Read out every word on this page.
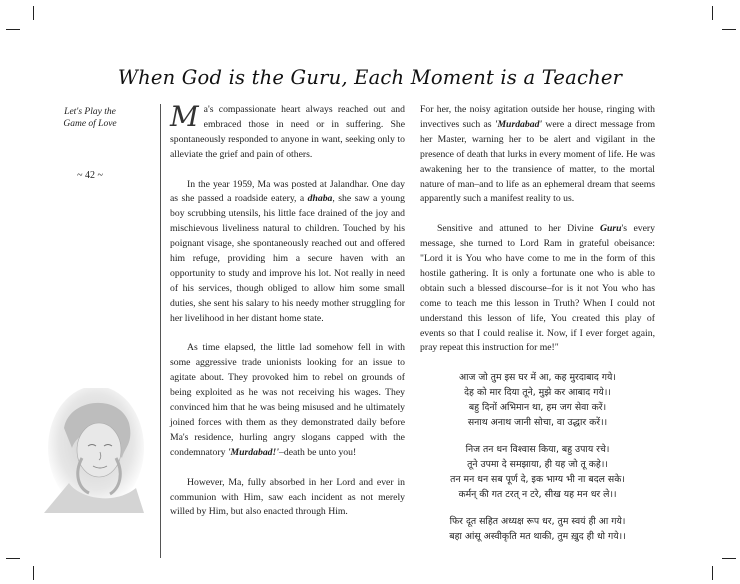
When God is the Guru, Each Moment is a Teacher
Let's Play the
Game of Love
~ 42 ~

Ma's compassionate heart always reached out and embraced those in need or in suffering. She spontaneously responded to anyone in want, seeking only to alleviate the grief and pain of others.

In the year 1959, Ma was posted at Jalandhar. One day as she passed a roadside eatery, a dhaba, she saw a young boy scrubbing utensils, his little face drained of the joy and mischievous liveliness natural to children. Touched by his poignant visage, she spontaneously reached out and offered him refuge, providing him a secure haven with an opportunity to study and improve his lot. Not really in need of his services, though obliged to allow him some small duties, she sent his salary to his needy mother struggling for her livelihood in her distant home state.

As time elapsed, the little lad somehow fell in with some aggressive trade unionists looking for an issue to agitate about. They provoked him to rebel on grounds of being exploited as he was not receiving his wages. They convinced him that he was being misused and he ultimately joined forces with them as they demonstrated daily before Ma's residence, hurling angry slogans capped with the condemnatory 'Murdabad!'–death be unto you!

However, Ma, fully absorbed in her Lord and ever in communion with Him, saw each incident as not merely willed by Him, but also enacted through Him.

For her, the noisy agitation outside her house, ringing with invectives such as 'Murdabad' were a direct message from her Master, warning her to be alert and vigilant in the presence of death that lurks in every moment of life. He was awakening her to the transience of matter, to the mortal nature of man–and to life as an ephemeral dream that seems apparently such a manifest reality to us.

Sensitive and attuned to her Divine Guru's every message, she turned to Lord Ram in grateful obeisance: "Lord it is You who have come to me in the form of this hostile gathering. It is only a fortunate one who is able to obtain such a blessed discourse–for is it not You who has come to teach me this lesson in Truth? When I could not understand this lesson of life, You created this play of events so that I could realise it. Now, if I ever forget again, pray repeat this instruction for me!"

आज जो तुम इस घर में आ, कह मुरदाबाद गये।
देह को मार दिया तूने, मुझे कर आबाद गये।।
बहु दिनों अभिमान था, हम जग सेवा करें।
सनाथ अनाथ जानी सोचा, वा उद्धार करें।।
निज तन धन विश्वास किया, बहु उपाय रचे।
तूने उपमा दे समझाया, ही यह जो तू कहे।।
तन मन धन सब पूर्ण दे, इक भाग्य भी ना बदल सके।
कर्मन् की गत टरत् न टरे, सीख यह मन धर ले।।
फिर दूत सहित अध्यक्ष रूप धर, तुम स्वयं ही आ गये।
बहा आंसू अस्वीकृति मत थाकी, तुम ख़ुद ही धो गये।।
